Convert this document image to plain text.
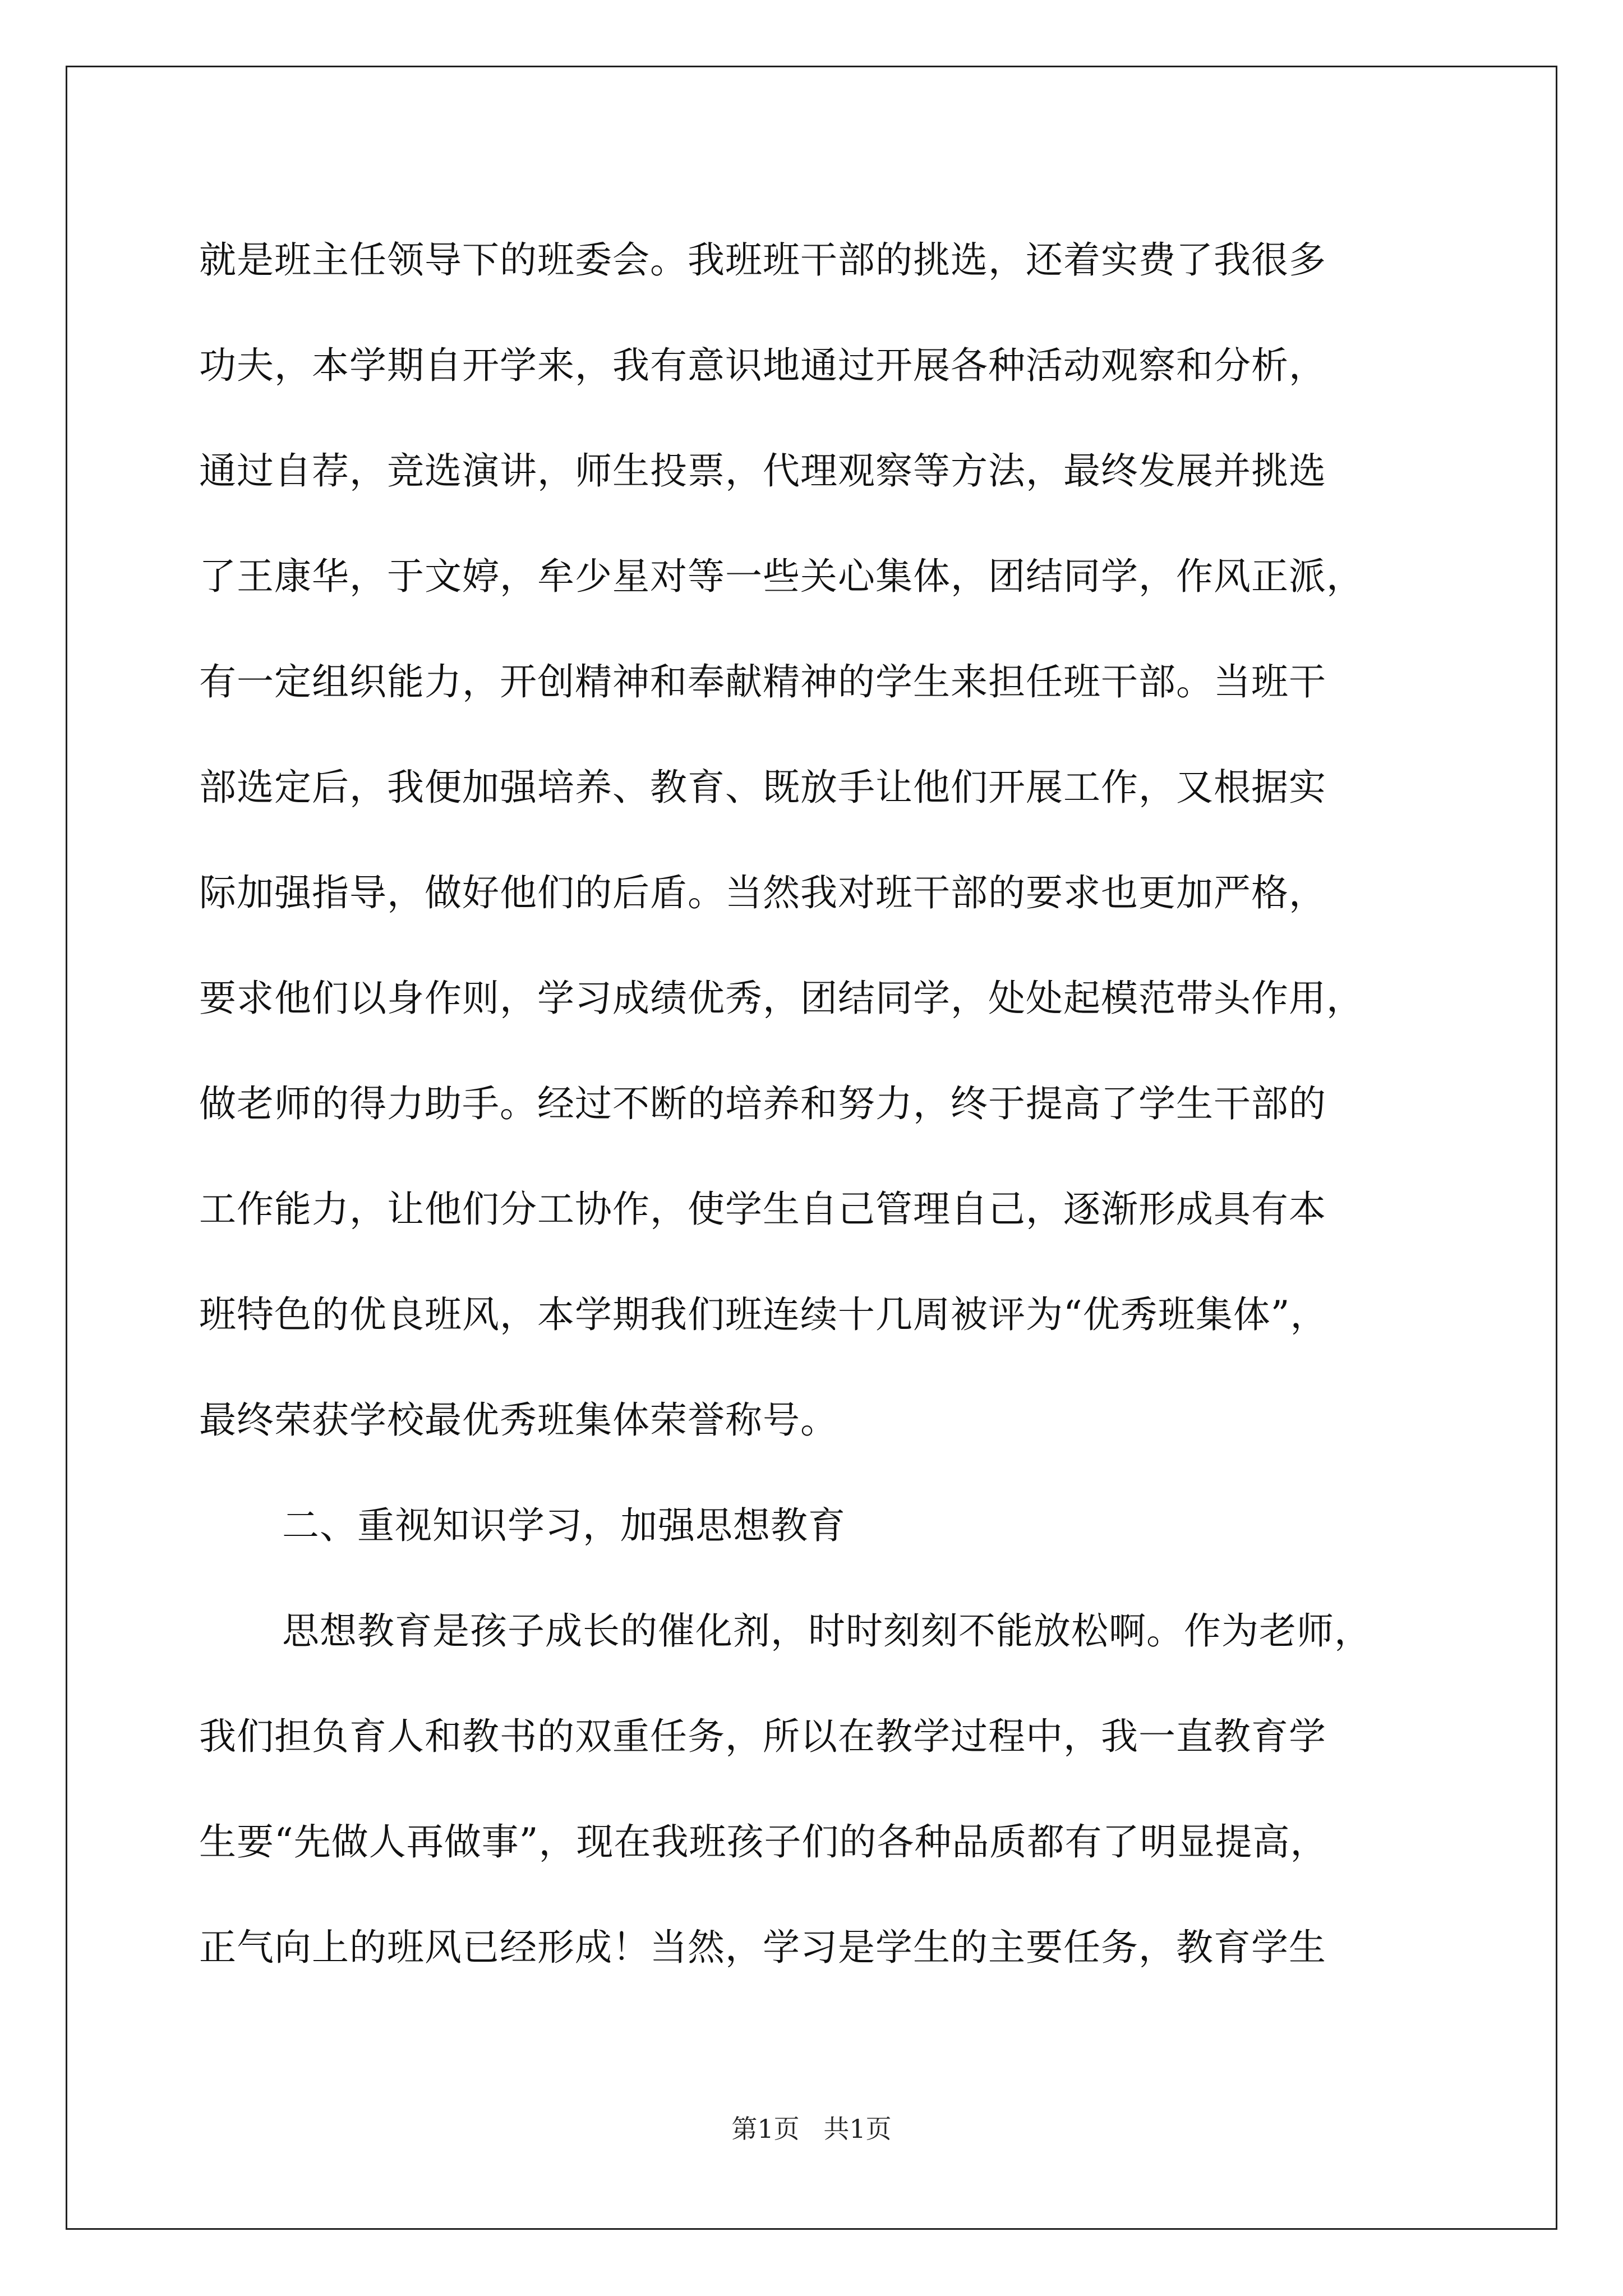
就是班主任领导下的班委会。我班班干部的挑选，还着实费了我很多
功夫，本学期自开学来，我有意识地通过开展各种活动观察和分析，
通过自荐，竞选演讲，师生投票，代理观察等方法，最终发展并挑选
了王康华，于文婷，牟少星对等一些关心集体，团结同学，作风正派，
有一定组织能力，开创精神和奉献精神的学生来担任班干部。当班干
部选定后，我便加强培养、教育、既放手让他们开展工作，又根据实
际加强指导，做好他们的后盾。当然我对班干部的要求也更加严格，
要求他们以身作则，学习成绩优秀，团结同学，处处起模范带头作用，
做老师的得力助手。经过不断的培养和努力，终于提高了学生干部的
工作能力，让他们分工协作，使学生自己管理自己，逐渐形成具有本
班特色的优良班风，本学期我们班连续十几周被评为“优秀班集体”，
最终荣获学校最优秀班集体荣誉称号。
二、重视知识学习，加强思想教育
思想教育是孩子成长的催化剂，时时刻刻不能放松啊。作为老师，
我们担负育人和教书的双重任务，所以在教学过程中，我一直教育学
生要“先做人再做事”，现在我班孩子们的各种品质都有了明显提高，
正气向上的班风已经形成！当然，学习是学生的主要任务，教育学生
第1页 共1页
